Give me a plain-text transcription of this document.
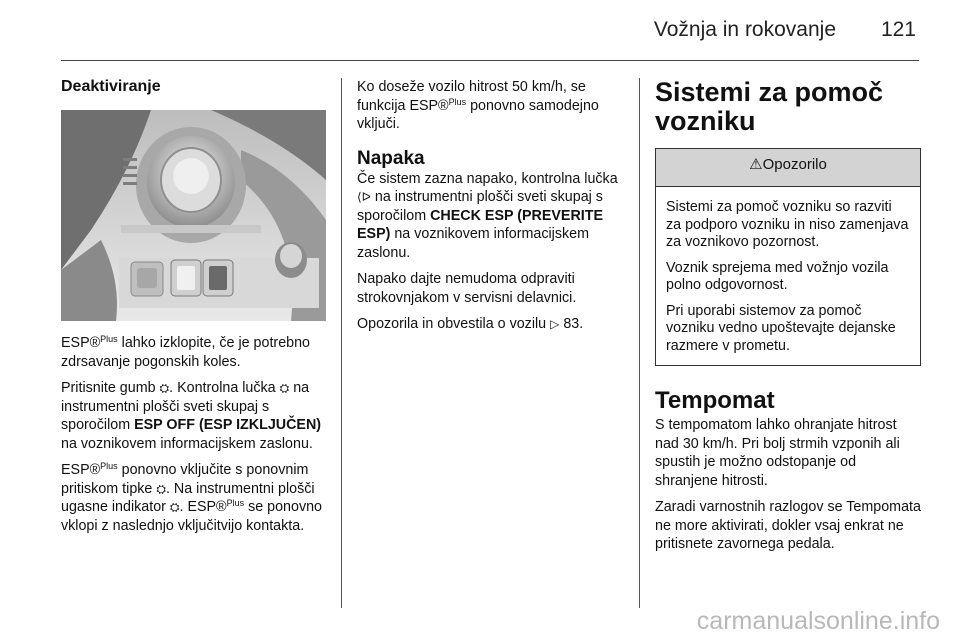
Vožnja in rokovanje 121
Deaktiviranje

ESP®$^{Plus}$ lahko izklopite, če je potrebno zdrsavanje pogonskih koles.

Pritisnite gumb ⛭. Kontrolna lučka ⛭ na instrumentni plošči sveti skupaj s sporočilom ESP OFF (ESP IZKLJUČEN) na voznikovem informacijskem zaslonu.

ESP®$^{Plus}$ ponovno vključite s ponovnim pritiskom tipke ⛭. Na instrumentni plošči ugasne indikator ⛭. ESP®$^{Plus}$ se ponovno vklopi z naslednjo vključitvijo kontakta.

Ko doseže vozilo hitrost 50 km/h, se funkcija ESP®$^{Plus}$ ponovno samodejno vključi.

Napaka

Če sistem zazna napako, kontrolna lučka ⟨ᐅ na instrumentni plošči sveti skupaj s sporočilom CHECK ESP (PREVERITE ESP) na voznikovem informacijskem zaslonu.

Napako dajte nemudoma odpraviti strokovnjakom v servisni delavnici.

Opozorila in obvestila o vozilu ▷ 83.

Sistemi za pomoč vozniku
⚠Opozorilo

Sistemi za pomoč vozniku so razviti za podporo vozniku in niso zamenjava za voznikovo pozornost.

Voznik sprejema med vožnjo vozila polno odgovornost.

Pri uporabi sistemov za pomoč vozniku vedno upoštevajte dejanske razmere v prometu.

Tempomat

S tempomatom lahko ohranjate hitrost nad 30 km/h. Pri bolj strmih vzponih ali spustih je možno odstopanje od shranjene hitrosti.

Zaradi varnostnih razlogov se Tempomata ne more aktivirati, dokler vsaj enkrat ne pritisnete zavornega pedala.

carmanualsonline.info
